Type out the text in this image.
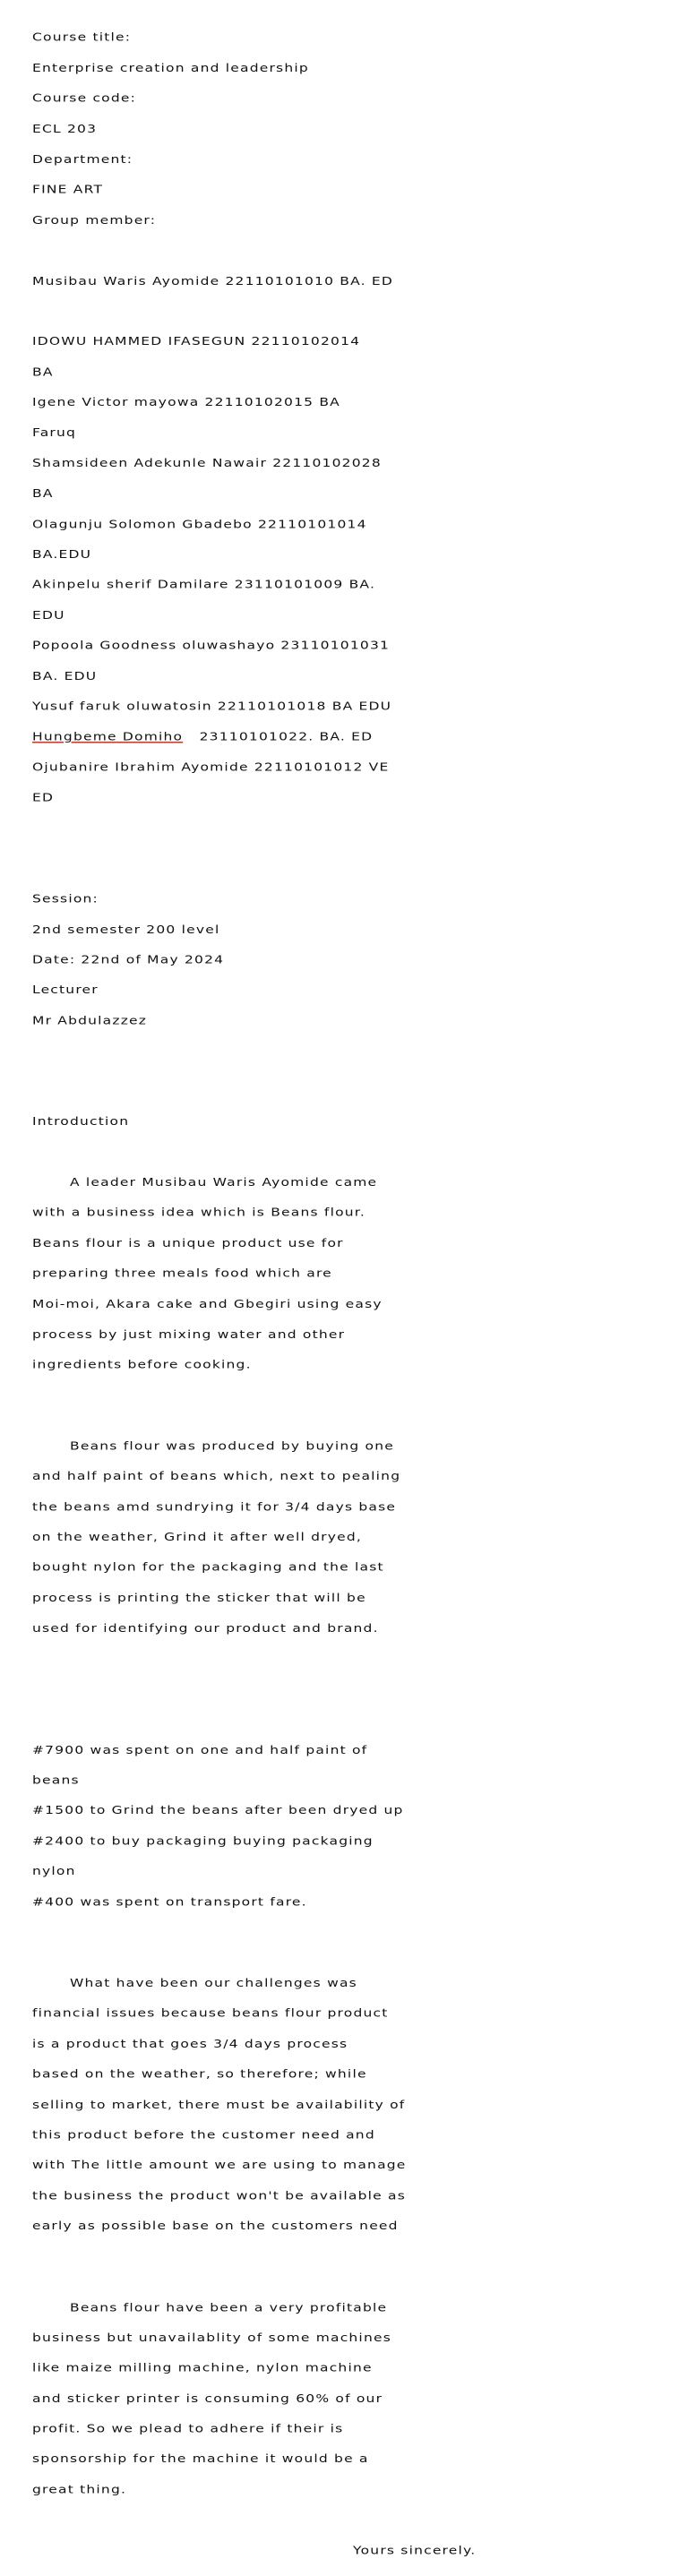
Course title:

Enterprise creation and leadership

Course code:

ECL 203

Department:

FINE ART

Group member:

Musibau Waris Ayomide 22110101010 BA. ED

IDOWU HAMMED IFASEGUN 22110102014

BA

Igene Victor mayowa 22110102015 BA

Faruq

Shamsideen Adekunle Nawair 22110102028

BA

Olagunju Solomon Gbadebo 22110101014

BA.EDU

Akinpelu sherif Damilare 23110101009 BA.

EDU

Popoola Goodness oluwashayo 23110101031

BA. EDU

Yusuf faruk oluwatosin 22110101018 BA EDU

Hungbeme Domiho   23110101022. BA. ED

Ojubanire Ibrahim Ayomide 22110101012 VE

ED

Session:

2nd semester 200 level

Date: 22nd of May 2024

Lecturer

Mr Abdulazzez

Introduction

A leader Musibau Waris Ayomide came

with a business idea which is Beans flour.

Beans flour is a unique product use for

preparing three meals food which are

Moi-moi, Akara cake and Gbegiri using easy

process by just mixing water and other

ingredients before cooking.

Beans flour was produced by buying one

and half paint of beans which, next to pealing

the beans amd sundrying it for 3/4 days base

on the weather, Grind it after well dryed,

bought nylon for the packaging and the last

process is printing the sticker that will be

used for identifying our product and brand.

#7900 was spent on one and half paint of

beans

#1500 to Grind the beans after been dryed up

#2400 to buy packaging buying packaging

nylon

#400 was spent on transport fare.

What have been our challenges was

financial issues because beans flour product

is a product that goes 3/4 days process

based on the weather, so therefore; while

selling to market, there must be availability of

this product before the customer need and

with The little amount we are using to manage

the business the product won't be available as

early as possible base on the customers need

Beans flour have been a very profitable

business but unavailablity of some machines

like maize milling machine, nylon machine

and sticker printer is consuming 60% of our

profit. So we plead to adhere if their is

sponsorship for the machine it would be a

great thing.

Yours sincerely.
